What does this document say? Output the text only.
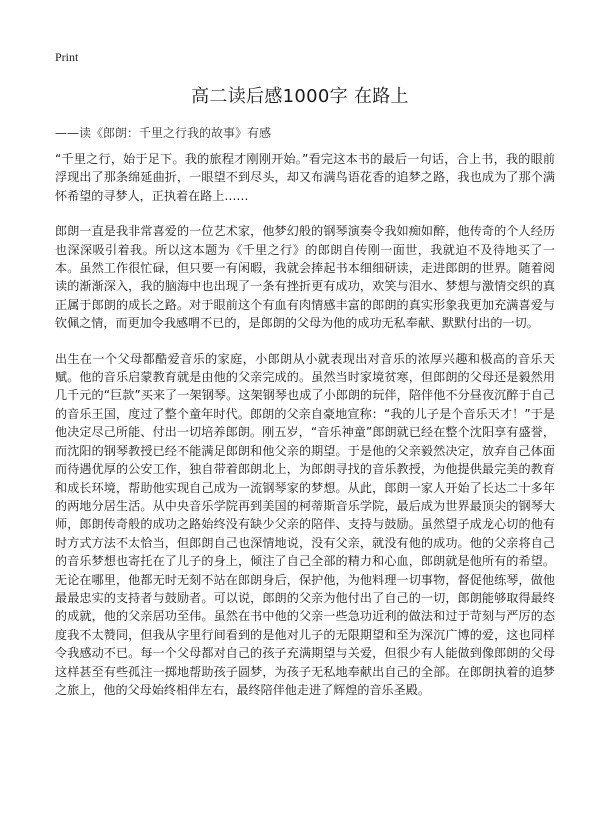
Print
高二读后感1000字 在路上
——读《郎朗：千里之行我的故事》有感

“千里之行，始于足下。我的旅程才刚刚开始。”看完这本书的最后一句话，合上书，我的眼前浮现出了那条绵延曲折，一眼望不到尽头，却又布满鸟语花香的追梦之路，我也成为了那个满怀希望的寻梦人，正执着在路上……

郎朗一直是我非常喜爱的一位艺术家，他梦幻般的钢琴演奏令我如痴如醉，他传奇的个人经历也深深吸引着我。所以这本题为《千里之行》的郎朗自传刚一面世，我就迫不及待地买了一本。虽然工作很忙碌，但只要一有闲暇，我就会捧起书本细细研读，走进郎朗的世界。随着阅读的渐渐深入，我的脑海中也出现了一条有挫折更有成功，欢笑与泪水、梦想与激情交织的真正属于郎朗的成长之路。对于眼前这个有血有肉情感丰富的郎朗的真实形象我更加充满喜爱与钦佩之情，而更加令我感喟不已的，是郎朗的父母为他的成功无私奉献、默默付出的一切。

出生在一个父母都酷爱音乐的家庭，小郎朗从小就表现出对音乐的浓厚兴趣和极高的音乐天赋。他的音乐启蒙教育就是由他的父亲完成的。虽然当时家境贫寒，但郎朗的父母还是毅然用几千元的“巨款”买来了一架钢琴。这架钢琴也成了小郎朗的玩伴，陪伴他不分昼夜沉醉于自己的音乐王国，度过了整个童年时代。郎朗的父亲自豪地宣称：“我的儿子是个音乐天才！”于是他决定尽己所能、付出一切培养郎朗。刚五岁，“音乐神童”郎朗就已经在整个沈阳享有盛誉，而沈阳的钢琴教授已经不能满足郎朗和他父亲的期望。于是他的父亲毅然决定，放弃自己体面而待遇优厚的公安工作，独自带着郎朗北上，为郎朗寻找的音乐教授，为他提供最完美的教育和成长环境，帮助他实现自己成为一流钢琴家的梦想。从此，郎朗一家人开始了长达二十多年的两地分居生活。从中央音乐学院再到美国的柯蒂斯音乐学院，最后成为世界最顶尖的钢琴大师，郎朗传奇般的成功之路始终没有缺少父亲的陪伴、支持与鼓励。虽然望子成龙心切的他有时方式方法不太恰当，但郎朗自己也深情地说，没有父亲，就没有他的成功。他的父亲将自己的音乐梦想也寄托在了儿子的身上，倾注了自己全部的精力和心血，郎朗就是他所有的希望。无论在哪里，他都无时无刻不站在郎朗身后，保护他，为他料理一切事物，督促他练琴，做他最最忠实的支持者与鼓励者。可以说，郎朗的父亲为他付出了自己的一切，郎朗能够取得最终的成就，他的父亲居功至伟。虽然在书中他的父亲一些急功近利的做法和过于苛刻与严厉的态度我不太赞同，但我从字里行间看到的是他对儿子的无限期望和至为深沉广博的爱，这也同样令我感动不已。每一个父母都对自己的孩子充满期望与关爱，但很少有人能做到像郎朗的父母这样甚至有些孤注一掷地帮助孩子圆梦，为孩子无私地奉献出自己的全部。在郎朗执着的追梦之旅上，他的父母始终相伴左右，最终陪伴他走进了辉煌的音乐圣殿。
